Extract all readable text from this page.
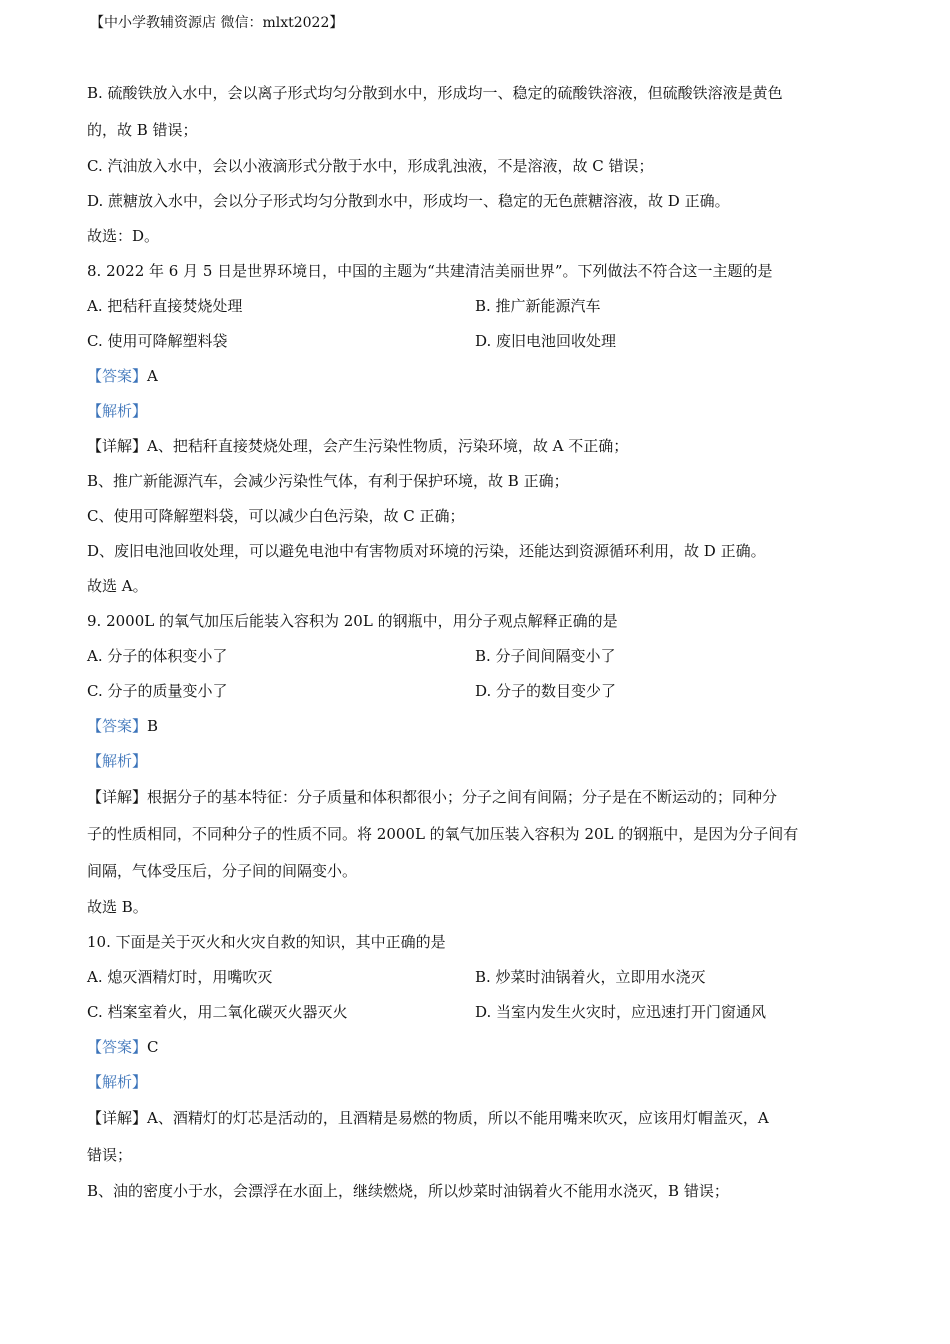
【中小学教辅资源店 微信：mlxt2022】
B. 硫酸铁放入水中，会以离子形式均匀分散到水中，形成均一、稳定的硫酸铁溶液，但硫酸铁溶液是黄色
的，故 B 错误；
C. 汽油放入水中，会以小液滴形式分散于水中，形成乳浊液，不是溶液，故 C 错误；
D. 蔗糖放入水中，会以分子形式均匀分散到水中，形成均一、稳定的无色蔗糖溶液，故 D 正确。
故选：D。
8. 2022 年 6 月 5 日是世界环境日，中国的主题为“共建清洁美丽世界”。下列做法不符合这一主题的是
A. 把秸秆直接焚烧处理	B. 推广新能源汽车
C. 使用可降解塑料袋	D. 废旧电池回收处理
【答案】A
【解析】
【详解】A、把秸秆直接焚烧处理，会产生污染性物质，污染环境，故 A 不正确；
B、推广新能源汽车，会减少污染性气体，有利于保护环境，故 B 正确；
C、使用可降解塑料袋，可以减少白色污染，故 C 正确；
D、废旧电池回收处理，可以避免电池中有害物质对环境的污染，还能达到资源循环利用，故 D 正确。
故选 A。
9. 2000L 的氧气加压后能装入容积为 20L 的钢瓶中，用分子观点解释正确的是
A. 分子的体积变小了	B. 分子间间隔变小了
C. 分子的质量变小了	D. 分子的数目变少了
【答案】B
【解析】
【详解】根据分子的基本特征：分子质量和体积都很小；分子之间有间隔；分子是在不断运动的；同种分
子的性质相同，不同种分子的性质不同。将 2000L 的氧气加压装入容积为 20L 的钢瓶中，是因为分子间有
间隔，气体受压后，分子间的间隔变小。
故选 B。
10. 下面是关于灭火和火灾自救的知识，其中正确的是
A. 熄灭酒精灯时，用嘴吹灭	B. 炒菜时油锅着火，立即用水浇灭
C. 档案室着火，用二氧化碳灭火器灭火	D. 当室内发生火灾时，应迅速打开门窗通风
【答案】C
【解析】
【详解】A、酒精灯的灯芯是活动的，且酒精是易燃的物质，所以不能用嘴来吹灭，应该用灯帽盖灭，A
错误；
B、油的密度小于水，会漂浮在水面上，继续燃烧，所以炒菜时油锅着火不能用水浇灭，B 错误；
